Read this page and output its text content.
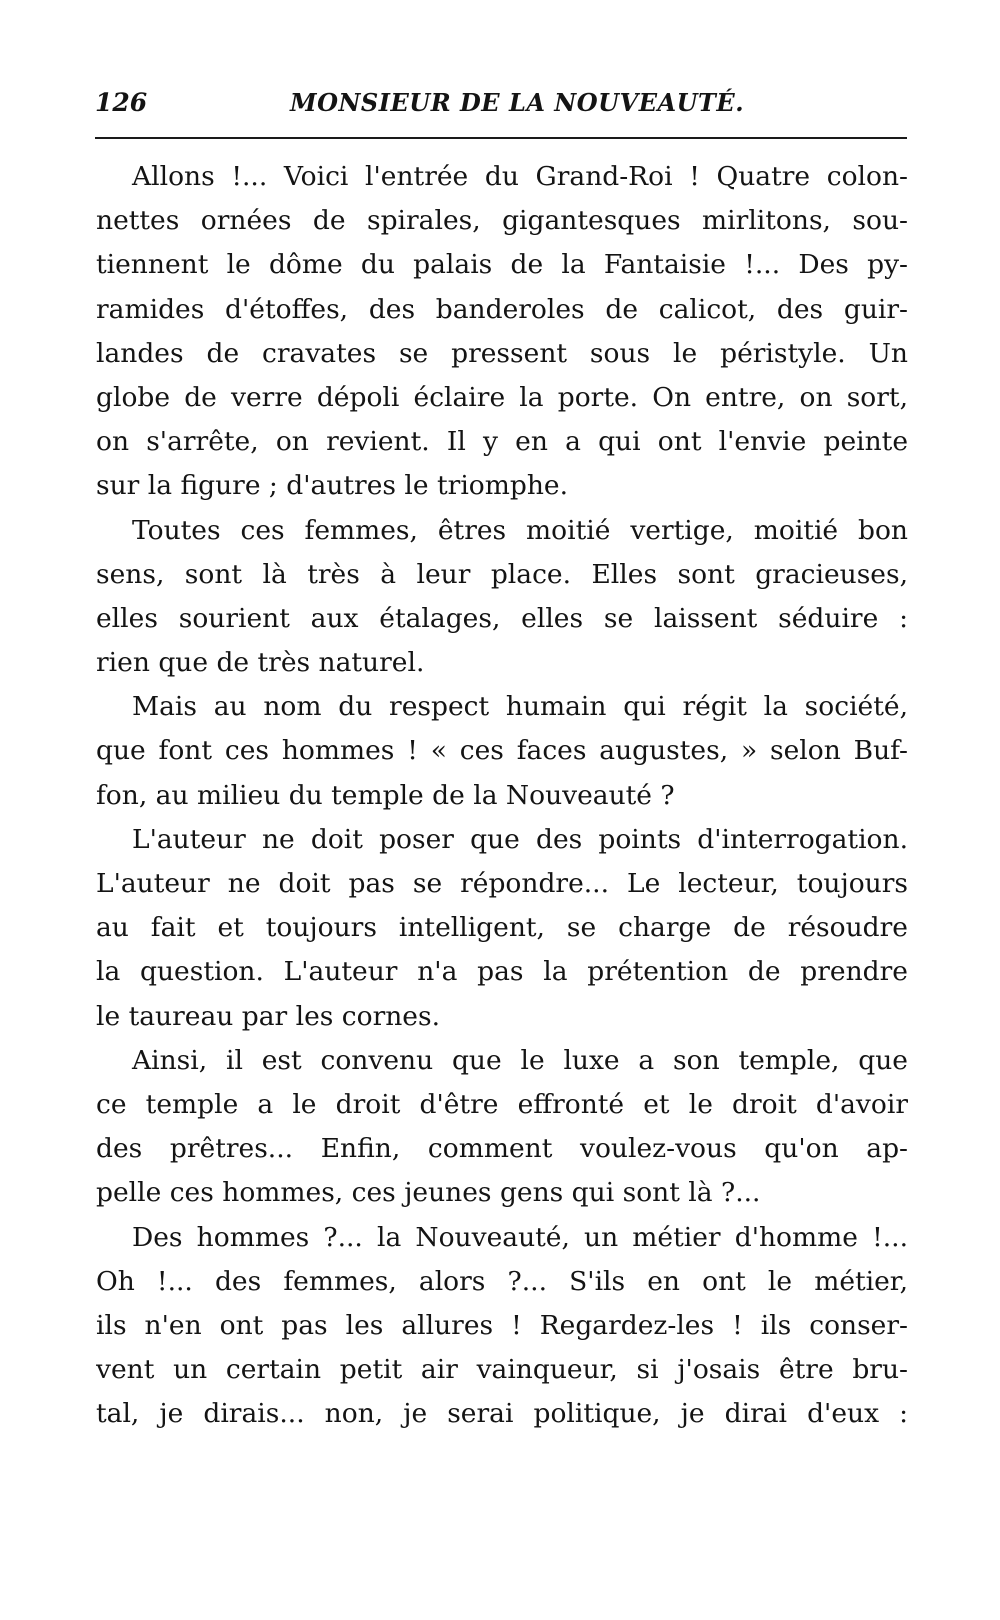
126	MONSIEUR DE LA NOUVEAUTÉ.
Allons !... Voici l'entrée du Grand-Roi ! Quatre colon-
nettes ornées de spirales, gigantesques mirlitons, sou-
tiennent le dôme du palais de la Fantaisie !... Des py-
ramides d'étoffes, des banderoles de calicot, des guir-
landes de cravates se pressent sous le péristyle. Un
globe de verre dépoli éclaire la porte. On entre, on sort,
on s'arrête, on revient. Il y en a qui ont l'envie peinte
sur la figure ; d'autres le triomphe.
Toutes ces femmes, êtres moitié vertige, moitié bon
sens, sont là très à leur place. Elles sont gracieuses,
elles sourient aux étalages, elles se laissent séduire :
rien que de très naturel.
Mais au nom du respect humain qui régit la société,
que font ces hommes ! « ces faces augustes, » selon Buf-
fon, au milieu du temple de la Nouveauté ?
L'auteur ne doit poser que des points d'interrogation.
L'auteur ne doit pas se répondre... Le lecteur, toujours
au fait et toujours intelligent, se charge de résoudre
la question. L'auteur n'a pas la prétention de prendre
le taureau par les cornes.
Ainsi, il est convenu que le luxe a son temple, que
ce temple a le droit d'être effronté et le droit d'avoir
des prêtres... Enfin, comment voulez-vous qu'on ap-
pelle ces hommes, ces jeunes gens qui sont là ?...
Des hommes ?... la Nouveauté, un métier d'homme !...
Oh !... des femmes, alors ?... S'ils en ont le métier,
ils n'en ont pas les allures ! Regardez-les ! ils conser-
vent un certain petit air vainqueur, si j'osais être bru-
tal, je dirais... non, je serai politique, je dirai d'eux :
